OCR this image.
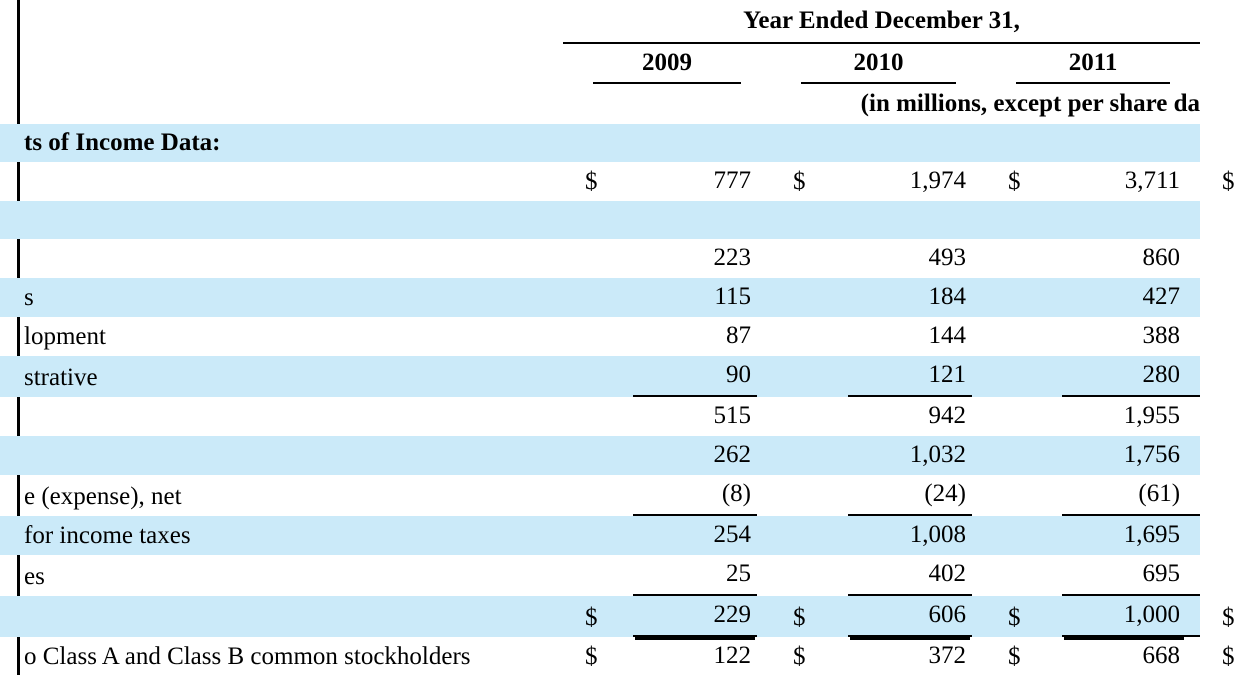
	Year Ended December 31,			
	2009	2010	2011	

	(in millions, except per share da			
ts of Income Data:				

	$ 777	$ 1,974	$ 3,711	$

	223	493	860	

s	115	184	427	

lopment	87	144	388	

strative	90	121	280	

	515	942	1,955	

	262	1,032	1,756	

e (expense), net	(8)	(24)	(61)	

for income taxes	254	1,008	1,695	

es	25	402	695	

	$ 229	$ 606	$ 1,000	$

o Class A and Class B common stockholders	$ 122	$ 372	$ 668	$
